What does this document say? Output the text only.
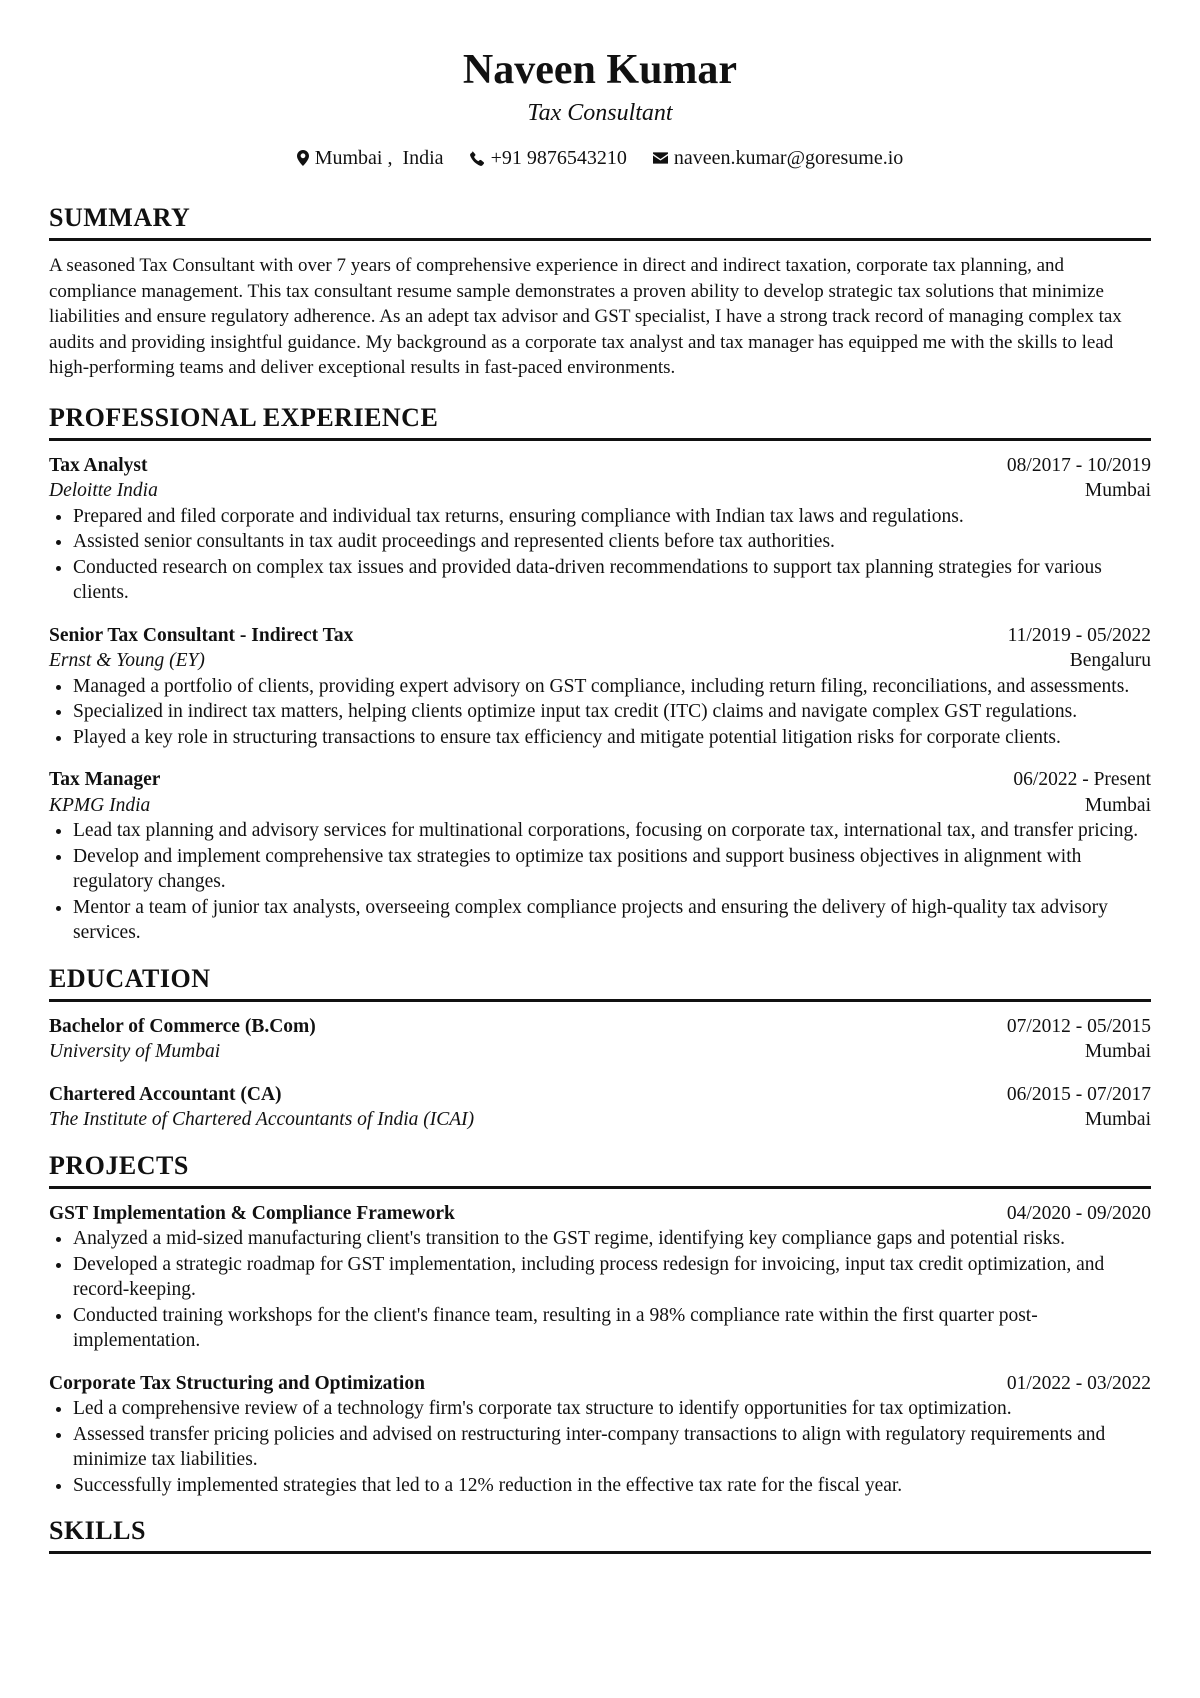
Naveen Kumar
Tax Consultant
Mumbai ,  India +91 9876543210 naveen.kumar@goresume.io
SUMMARY

A seasoned Tax Consultant with over 7 years of comprehensive experience in direct and indirect taxation, corporate tax planning, and compliance management. This tax consultant resume sample demonstrates a proven ability to develop strategic tax solutions that minimize liabilities and ensure regulatory adherence. As an adept tax advisor and GST specialist, I have a strong track record of managing complex tax audits and providing insightful guidance. My background as a corporate tax analyst and tax manager has equipped me with the skills to lead high-performing teams and deliver exceptional results in fast-paced environments.

PROFESSIONAL EXPERIENCE
Tax Analyst	08/2017 - 10/2019
Deloitte India	Mumbai
• Prepared and filed corporate and individual tax returns, ensuring compliance with Indian tax laws and regulations.
• Assisted senior consultants in tax audit proceedings and represented clients before tax authorities.
• Conducted research on complex tax issues and provided data-driven recommendations to support tax planning strategies for various clients.
Senior Tax Consultant - Indirect Tax	11/2019 - 05/2022
Ernst & Young (EY)	Bengaluru
• Managed a portfolio of clients, providing expert advisory on GST compliance, including return filing, reconciliations, and assessments.
• Specialized in indirect tax matters, helping clients optimize input tax credit (ITC) claims and navigate complex GST regulations.
• Played a key role in structuring transactions to ensure tax efficiency and mitigate potential litigation risks for corporate clients.
Tax Manager	06/2022 - Present
KPMG India	Mumbai
• Lead tax planning and advisory services for multinational corporations, focusing on corporate tax, international tax, and transfer pricing.
• Develop and implement comprehensive tax strategies to optimize tax positions and support business objectives in alignment with regulatory changes.
• Mentor a team of junior tax analysts, overseeing complex compliance projects and ensuring the delivery of high-quality tax advisory services.
EDUCATION
Bachelor of Commerce (B.Com)	07/2012 - 05/2015
University of Mumbai	Mumbai
Chartered Accountant (CA)	06/2015 - 07/2017
The Institute of Chartered Accountants of India (ICAI)	Mumbai
PROJECTS
GST Implementation & Compliance Framework	04/2020 - 09/2020
• Analyzed a mid-sized manufacturing client's transition to the GST regime, identifying key compliance gaps and potential risks.
• Developed a strategic roadmap for GST implementation, including process redesign for invoicing, input tax credit optimization, and record-keeping.
• Conducted training workshops for the client's finance team, resulting in a 98% compliance rate within the first quarter post-implementation.
Corporate Tax Structuring and Optimization	01/2022 - 03/2022
• Led a comprehensive review of a technology firm's corporate tax structure to identify opportunities for tax optimization.
• Assessed transfer pricing policies and advised on restructuring inter-company transactions to align with regulatory requirements and minimize tax liabilities.
• Successfully implemented strategies that led to a 12% reduction in the effective tax rate for the fiscal year.
SKILLS
